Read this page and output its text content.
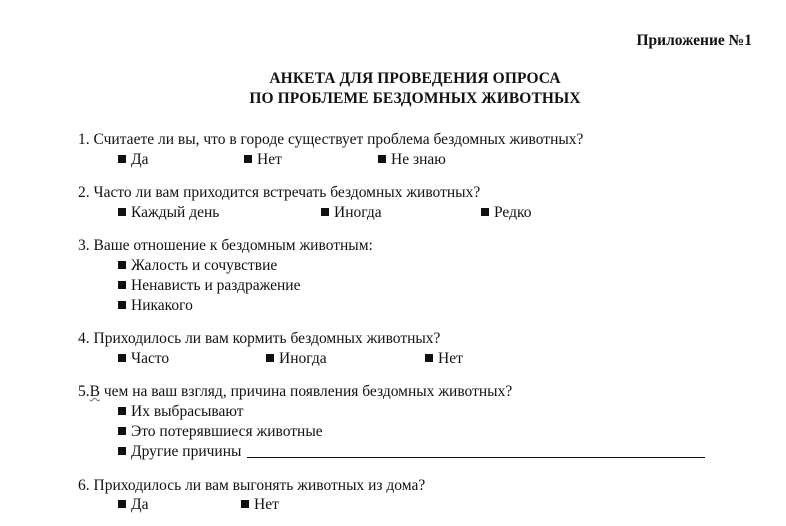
Приложение №1
АНКЕТА ДЛЯ ПРОВЕДЕНИЯ ОПРОСА
ПО ПРОБЛЕМЕ БЕЗДОМНЫХ ЖИВОТНЫХ
1. Считаете ли вы, что в городе существует проблема бездомных животных?
Да	Нет	Не знаю
2. Часто ли вам приходится встречать бездомных животных?
Каждый день	Иногда	Редко
3. Ваше отношение к бездомным животным:
Жалость и сочувствие
Ненависть и раздражение
Никакого
4. Приходилось ли вам кормить бездомных животных?
Часто	Иногда	Нет
5.В чем на ваш взгляд, причина появления бездомных животных?
Их выбрасывают
Это потерявшиеся животные
Другие причины
6. Приходилось ли вам выгонять животных из дома?
Да	Нет
